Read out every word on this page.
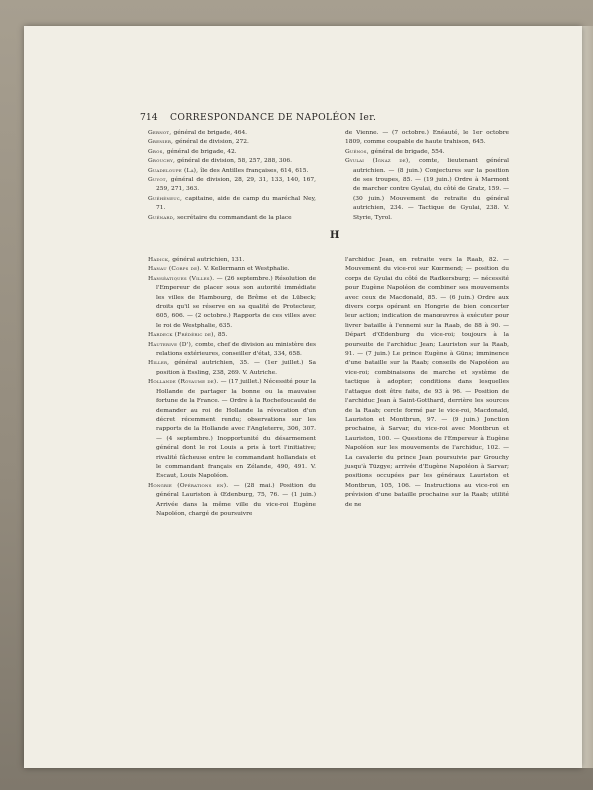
714 CORRESPONDANCE DE NAPOLÉON Ier.

Gernot, général de brigade, 464.

Grenier, général de division, 272.

Gros, général de brigade, 42.

Grouchy, général de division, 58, 257, 288, 306.

Guadeloupe (La), île des Antilles françaises, 614, 615.

Guyot, général de division, 28, 29, 31, 133, 140, 167, 259, 271, 363.

Guéhéneuc, capitaine, aide de camp du maréchal Ney, 71.

Guénard, secrétaire du commandant de la place

de Vienne. — (7 octobre.) Enéauté, le 1er octobre 1809, comme coupable de haute trahison, 645.

Guénos, général de brigade, 554.

Gyulai (Ignaz de), comte, lieutenant général autrichien. — (8 juin.) Conjectures sur la position de ses troupes, 85. — (19 juin.) Ordre à Marmont de marcher contre Gyulai, du côté de Gratz, 159. — (30 juin.) Mouvement de retraite du général autrichien, 234. — Tactique de Gyulai, 238. V. Styrie, Tyrol.

H

Hadick, général autrichien, 131.

Hanau (Corps de). V. Kellermann et Westphalie.

Hanséatiques (Villes). — (26 septembre.) Résolution de l'Empereur de placer sous son autorité immédiate les villes de Hambourg, de Brême et de Lübeck; droits qu'il se réserve en sa qualité de Protecteur, 605, 606. — (2 octobre.) Rapports de ces villes avec le roi de Westphalie, 635.

Hardeck (Frédéric de), 85.

Hauterive (D'), comte, chef de division au ministère des relations extérieures, conseiller d'état, 334, 658.

Hiller, général autrichien, 35. — (1er juillet.) Sa position à Essling, 238, 269. V. Autriche.

Hollande (Royaume de). — (17 juillet.) Nécessité pour la Hollande de partager la bonne ou la mauvaise fortune de la France. — Ordre à la Rochefoucauld de demander au roi de Hollande la révocation d'un décret récemment rendu; observations sur les rapports de la Hollande avec l'Angleterre, 306, 307. — (4 septembre.) Inopportunité du désarmement général dont le roi Louis a pris à tort l'initiative; rivalité fâcheuse entre le commandant hollandais et le commandant français en Zélande, 490, 491. V. Escaut, Louis Napoléon.

Hongrie (Opérations en). — (28 mai.) Position du général Lauriston à Œdenburg, 75, 76. — (1 juin.) Arrivée dans la même ville du vice-roi Eugène Napoléon, chargé de poursuivre

l'archiduc Jean, en retraite vers la Raab, 82. — Mouvement du vice-roi sur Kœrmend; — position du corps de Gyulai du côté de Radkersburg; — nécessité pour Eugène Napoléon de combiner ses mouvements avec ceux de Macdonald, 85. — (6 juin.) Ordre aux divers corps opérant en Hongrie de bien concerter leur action; indication de manœuvres à exécuter pour livrer bataille à l'ennemi sur la Raab, de 88 à 90. — Départ d'Œdenburg du vice-roi; toujours à la poursuite de l'archiduc Jean; Lauriston sur la Raab, 91. — (7 juin.) Le prince Eugène à Güns; imminence d'une bataille sur la Raab; conseils de Napoléon au vice-roi; combinaisons de marche et système de tactique à adopter; conditions dans lesquelles l'attaque doit être faite, de 93 à 96. — Position de l'archiduc Jean à Saint-Gotthard, derrière les sources de la Raab; cercle formé par le vice-roi, Macdonald, Lauriston et Montbrun, 97. — (9 juin.) Jonction prochaine, à Sarvar, du vice-roi avec Montbrun et Lauriston, 100. — Questions de l'Empereur à Eugène Napoléon sur les mouvements de l'archiduc, 102. — La cavalerie du prince Jean poursuivie par Grouchy jusqu'à Tüzgye; arrivée d'Eugène Napoléon à Sarvar; positions occupées par les généraux Lauriston et Montbrun, 105, 106. — Instructions au vice-roi en prévision d'une bataille prochaine sur la Raab; utilité de ne
